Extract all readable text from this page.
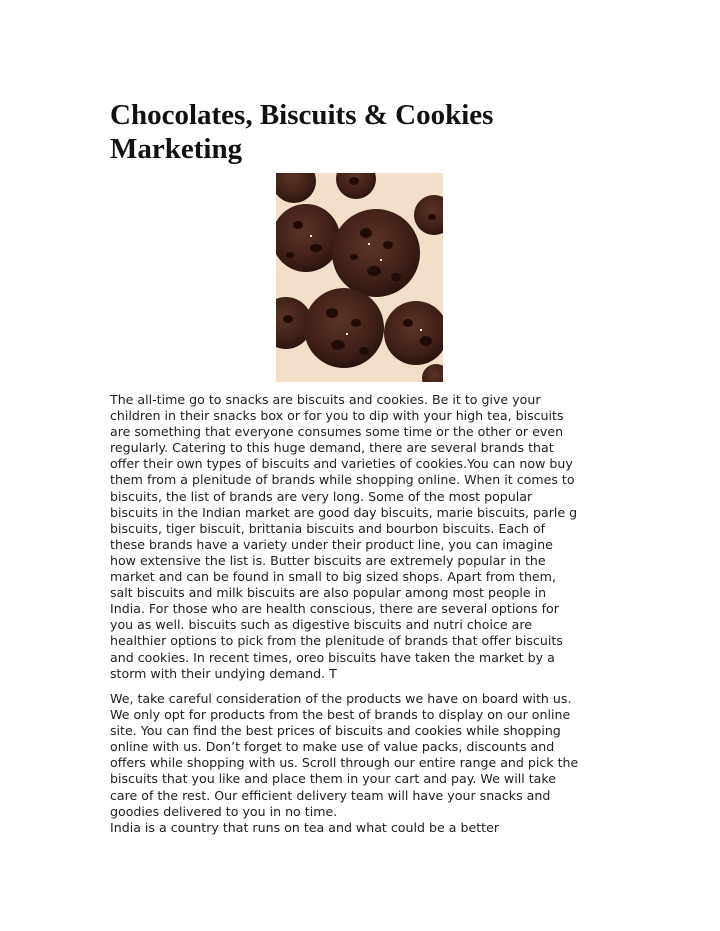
Chocolates, Biscuits & Cookies
Marketing

The all-time go to snacks are biscuits and cookies. Be it to give your
children in their snacks box or for you to dip with your high tea, biscuits
are something that everyone consumes some time or the other or even
regularly. Catering to this huge demand, there are several brands that
offer their own types of biscuits and varieties of cookies.You can now buy
them from a plenitude of brands while shopping online. When it comes to
biscuits, the list of brands are very long. Some of the most popular
biscuits in the Indian market are good day biscuits, marie biscuits, parle g
biscuits, tiger biscuit, brittania biscuits and bourbon biscuits. Each of
these brands have a variety under their product line, you can imagine
how extensive the list is. Butter biscuits are extremely popular in the
market and can be found in small to big sized shops. Apart from them,
salt biscuits and milk biscuits are also popular among most people in
India. For those who are health conscious, there are several options for
you as well. biscuits such as digestive biscuits and nutri choice are
healthier options to pick from the plenitude of brands that offer biscuits
and cookies. In recent times, oreo biscuits have taken the market by a
storm with their undying demand. T

We, take careful consideration of the products we have on board with us.
We only opt for products from the best of brands to display on our online
site. You can find the best prices of biscuits and cookies while shopping
online with us. Don’t forget to make use of value packs, discounts and
offers while shopping with us. Scroll through our entire range and pick the
biscuits that you like and place them in your cart and pay. We will take
care of the rest. Our efficient delivery team will have your snacks and
goodies delivered to you in no time.
India is a country that runs on tea and what could be a better
